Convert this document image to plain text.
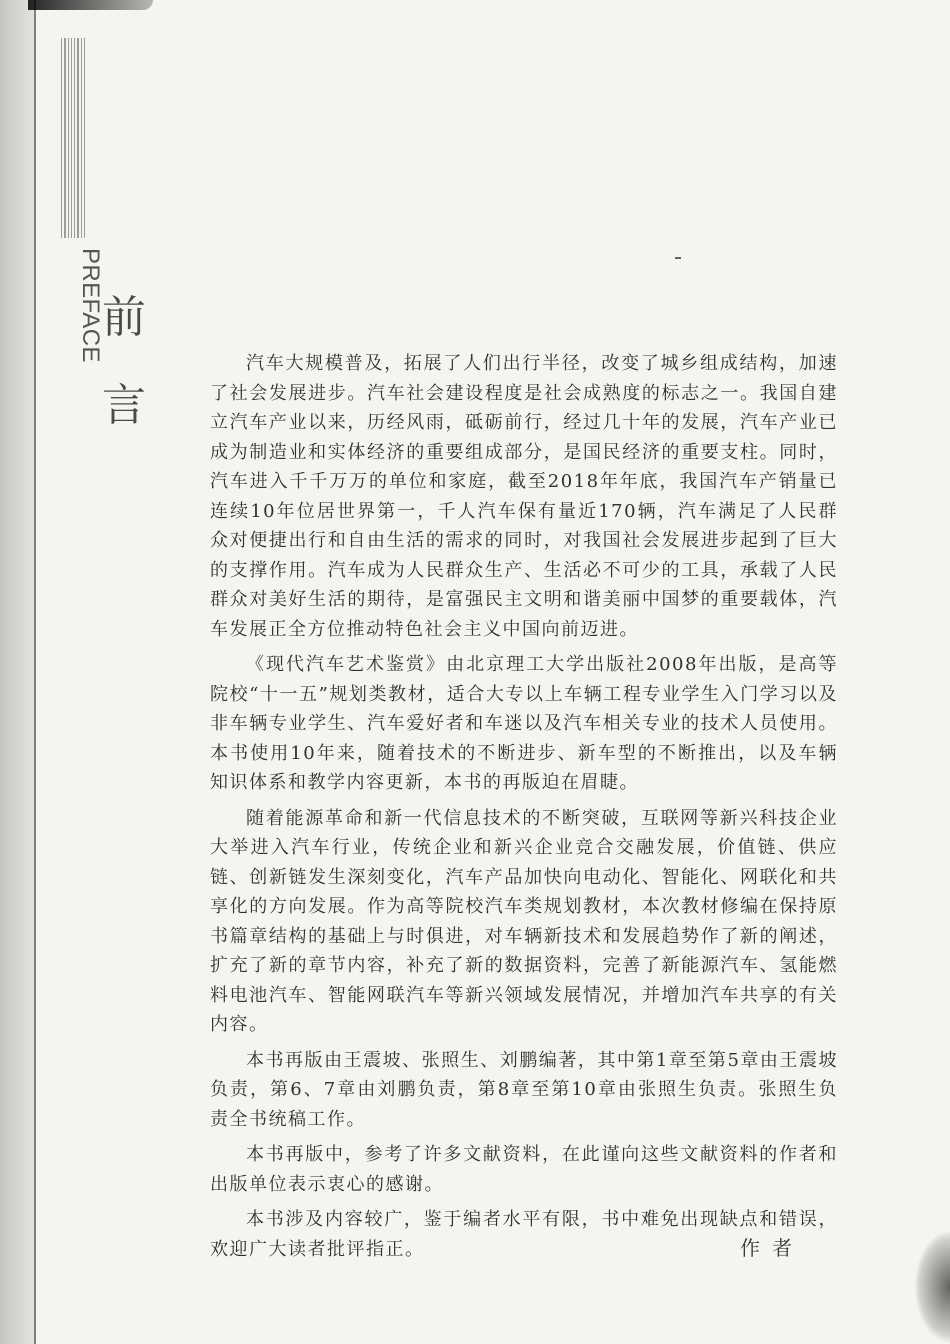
PREFACE
前
言

汽车大规模普及，拓展了人们出行半径，改变了城乡组成结构，加速了社会发展进步。汽车社会建设程度是社会成熟度的标志之一。我国自建立汽车产业以来，历经风雨，砥砺前行，经过几十年的发展，汽车产业已成为制造业和实体经济的重要组成部分，是国民经济的重要支柱。同时，汽车进入千千万万的单位和家庭，截至2018年年底，我国汽车产销量已连续10年位居世界第一，千人汽车保有量近170辆，汽车满足了人民群众对便捷出行和自由生活的需求的同时，对我国社会发展进步起到了巨大的支撑作用。汽车成为人民群众生产、生活必不可少的工具，承载了人民群众对美好生活的期待，是富强民主文明和谐美丽中国梦的重要载体，汽车发展正全方位推动特色社会主义中国向前迈进。

《现代汽车艺术鉴赏》由北京理工大学出版社2008年出版，是高等院校“十一五”规划类教材，适合大专以上车辆工程专业学生入门学习以及非车辆专业学生、汽车爱好者和车迷以及汽车相关专业的技术人员使用。本书使用10年来，随着技术的不断进步、新车型的不断推出，以及车辆知识体系和教学内容更新，本书的再版迫在眉睫。

随着能源革命和新一代信息技术的不断突破，互联网等新兴科技企业大举进入汽车行业，传统企业和新兴企业竞合交融发展，价值链、供应链、创新链发生深刻变化，汽车产品加快向电动化、智能化、网联化和共享化的方向发展。作为高等院校汽车类规划教材，本次教材修编在保持原书篇章结构的基础上与时俱进，对车辆新技术和发展趋势作了新的阐述，扩充了新的章节内容，补充了新的数据资料，完善了新能源汽车、氢能燃料电池汽车、智能网联汽车等新兴领域发展情况，并增加汽车共享的有关内容。

本书再版由王震坡、张照生、刘鹏编著，其中第1章至第5章由王震坡负责，第6、7章由刘鹏负责，第8章至第10章由张照生负责。张照生负责全书统稿工作。

本书再版中，参考了许多文献资料，在此谨向这些文献资料的作者和出版单位表示衷心的感谢。

本书涉及内容较广，鉴于编者水平有限，书中难免出现缺点和错误，欢迎广大读者批评指正。	作者
